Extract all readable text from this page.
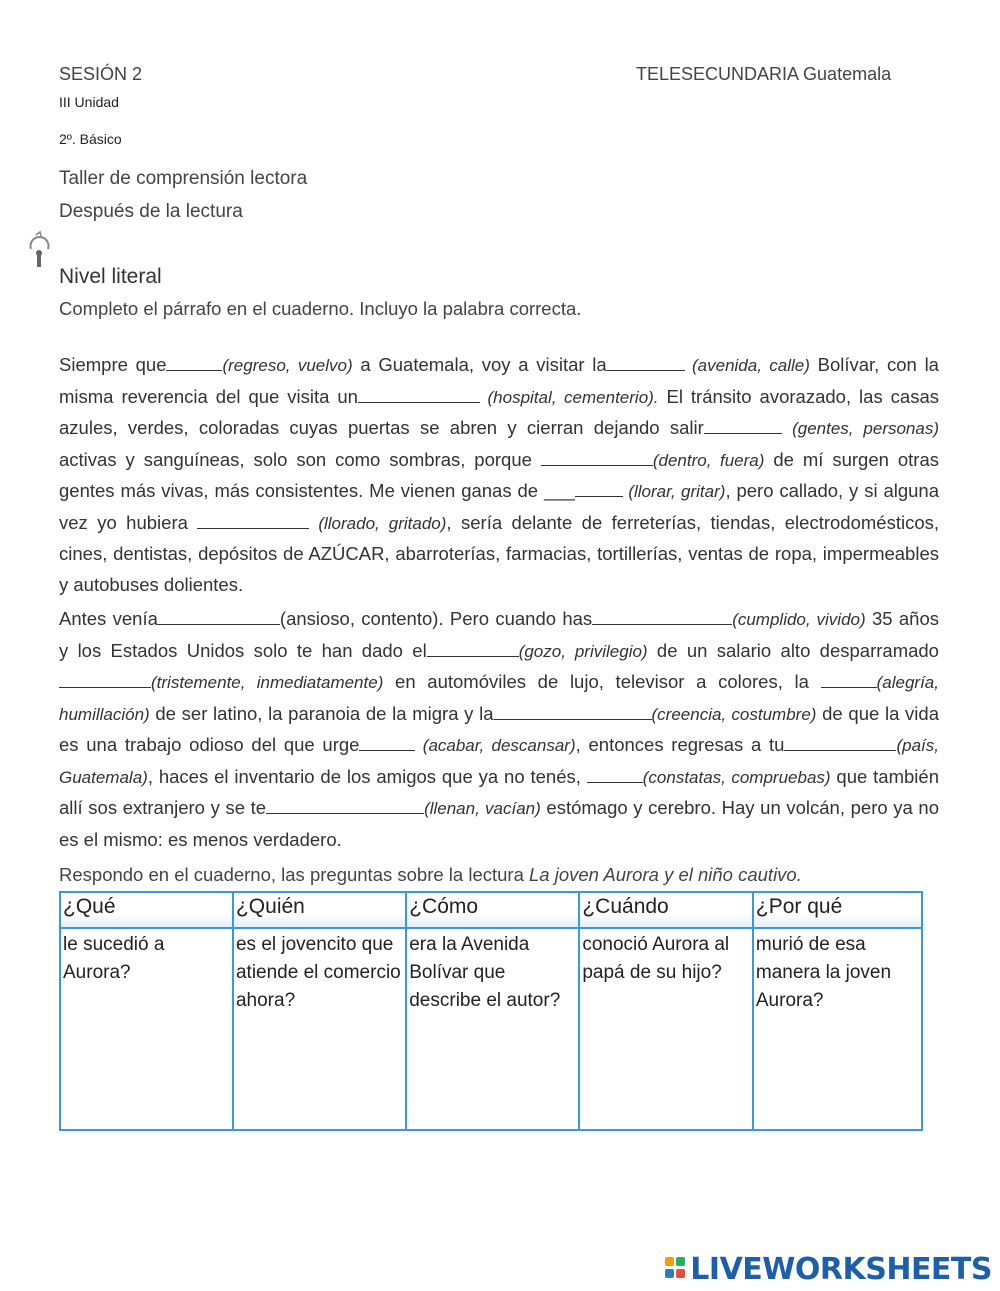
SESIÓN 2	TELESECUNDARIA Guatemala
III Unidad
2º. Básico
Taller de comprensión lectora
Después de la lectura
Nivel literal
Completo el párrafo en el cuaderno. Incluyo la palabra correcta.

Siempre que	(regreso, vuelvo) a Guatemala, voy a visitar la	(avenida, calle) Bolívar, con la misma reverencia del que visita un	(hospital, cementerio). El tránsito avorazado, las casas azules, verdes, coloradas cuyas puertas se abren y cierran dejando salir	(gentes, personas) activas y sanguíneas, solo son como sombras, porque	(dentro, fuera) de mí surgen otras gentes más vivas, más consistentes. Me vienen ganas de ___	(llorar, gritar), pero callado, y si alguna vez yo hubiera	(llorado, gritado), sería delante de ferreterías, tiendas, electrodomésticos, cines, dentistas, depósitos de AZÚCAR, abarroterías, farmacias, tortillerías, ventas de ropa, impermeables y autobuses dolientes.

Antes venía	(ansioso, contento). Pero cuando has	(cumplido, vivido) 35 años y los Estados Unidos solo te han dado el	(gozo, privilegio) de un salario alto desparramado(tristemente, inmediatamente) en automóviles de lujo, televisor a colores, la	(alegría, humillación) de ser latino, la paranoia de la migra y la	(creencia, costumbre) de que la vida es una trabajo odioso del que urge	(acabar, descansar), entonces regresas a tu	(país, Guatemala), haces el inventario de los amigos que ya no tenés,	(constatas, compruebas) que también allí sos extranjero y se te	(llenan, vacían) estómago y cerebro. Hay un volcán, pero ya no es el mismo: es menos verdadero.

Respondo en el cuaderno, las preguntas sobre la lectura La joven Aurora y el niño cautivo.
¿Qué	¿Quién	¿Cómo	¿Cuándo	¿Por qué
le sucedió a Aurora?	es el jovencito que atiende el comercio ahora?	era la Avenida Bolívar que describe el autor?	conoció Aurora al papá de su hijo?	murió de esa manera la joven Aurora?
LIVEWORKSHEETS
